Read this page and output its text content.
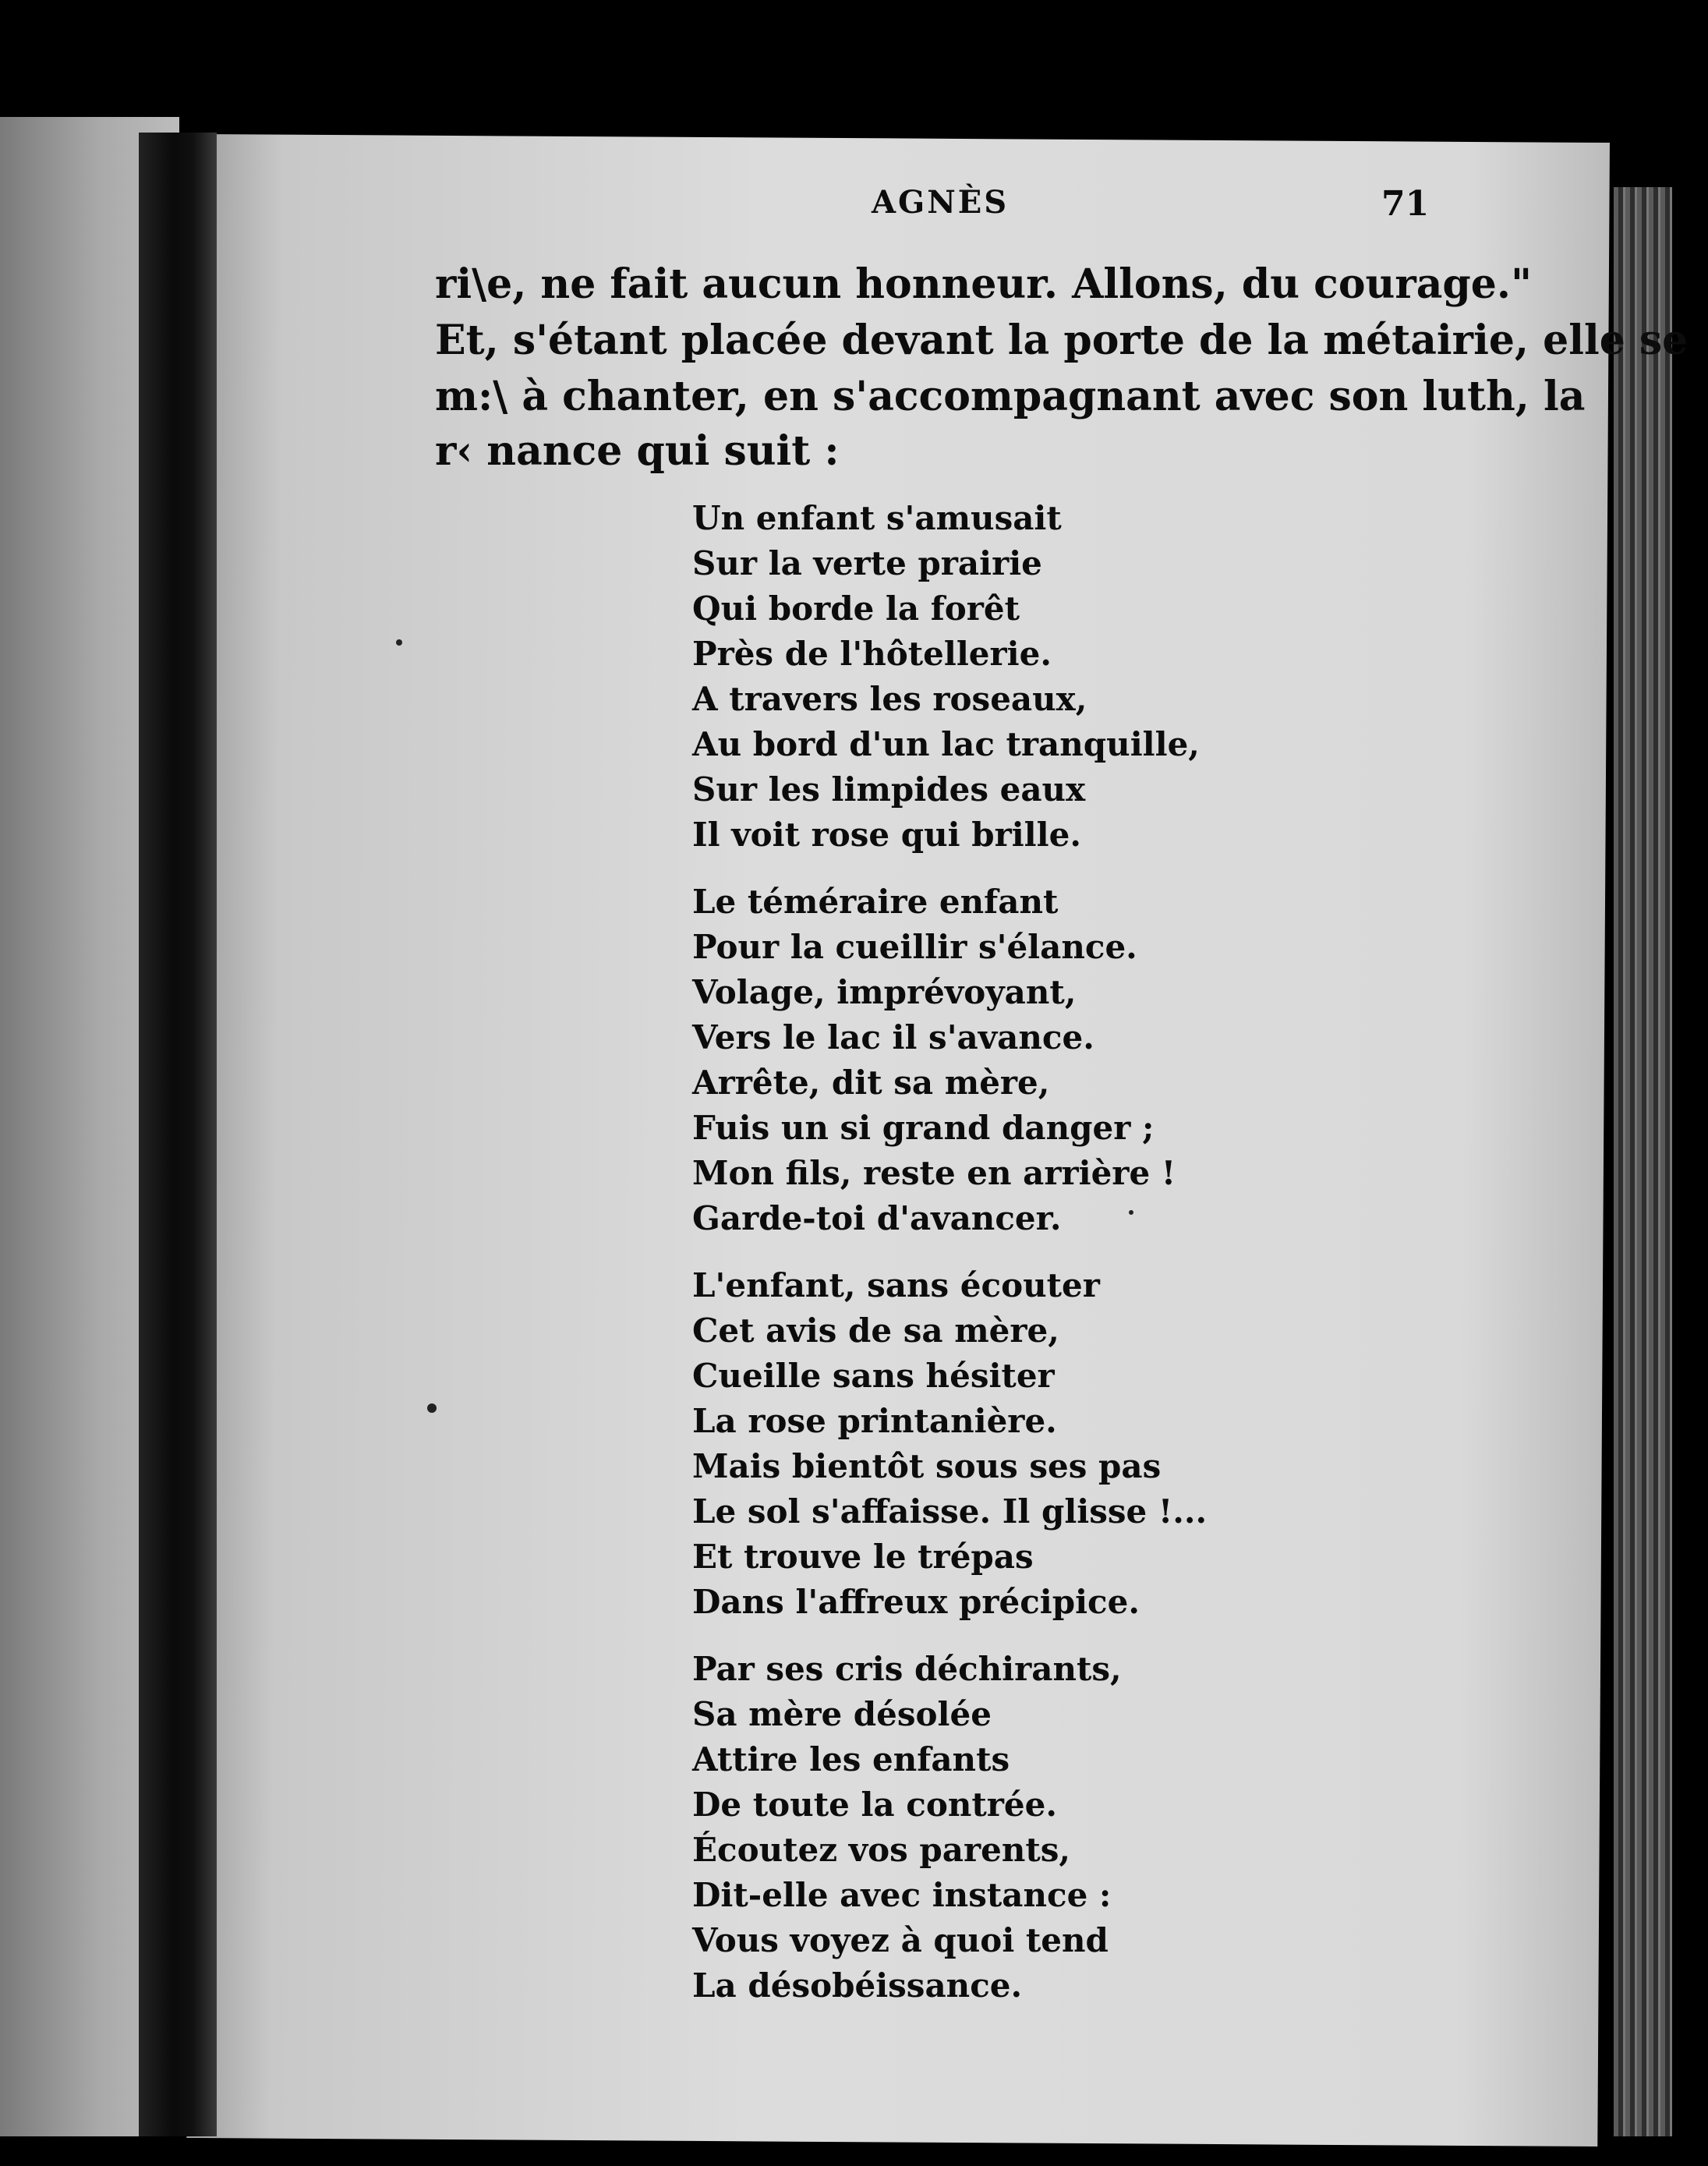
AGNÈS	71

ri\e, ne fait aucun honneur. Allons, du courage."

Et, s'étant placée devant la porte de la métairie, elle se

m:\ à chanter, en s'accompagnant avec son luth, la

r‹ nance qui suit :

Un enfant s'amusait
Sur la verte prairie
Qui borde la forêt
Près de l'hôtellerie.
A travers les roseaux,
Au bord d'un lac tranquille,
Sur les limpides eaux
Il voit rose qui brille.
Le téméraire enfant
Pour la cueillir s'élance.
Volage, imprévoyant,
Vers le lac il s'avance.
Arrête, dit sa mère,
Fuis un si grand danger ;
Mon fils, reste en arrière !
Garde-toi d'avancer.
L'enfant, sans écouter
Cet avis de sa mère,
Cueille sans hésiter
La rose printanière.
Mais bientôt sous ses pas
Le sol s'affaisse. Il glisse !...
Et trouve le trépas
Dans l'affreux précipice.
Par ses cris déchirants,
Sa mère désolée
Attire les enfants
De toute la contrée.
Écoutez vos parents,
Dit-elle avec instance :
Vous voyez à quoi tend
La désobéissance.
